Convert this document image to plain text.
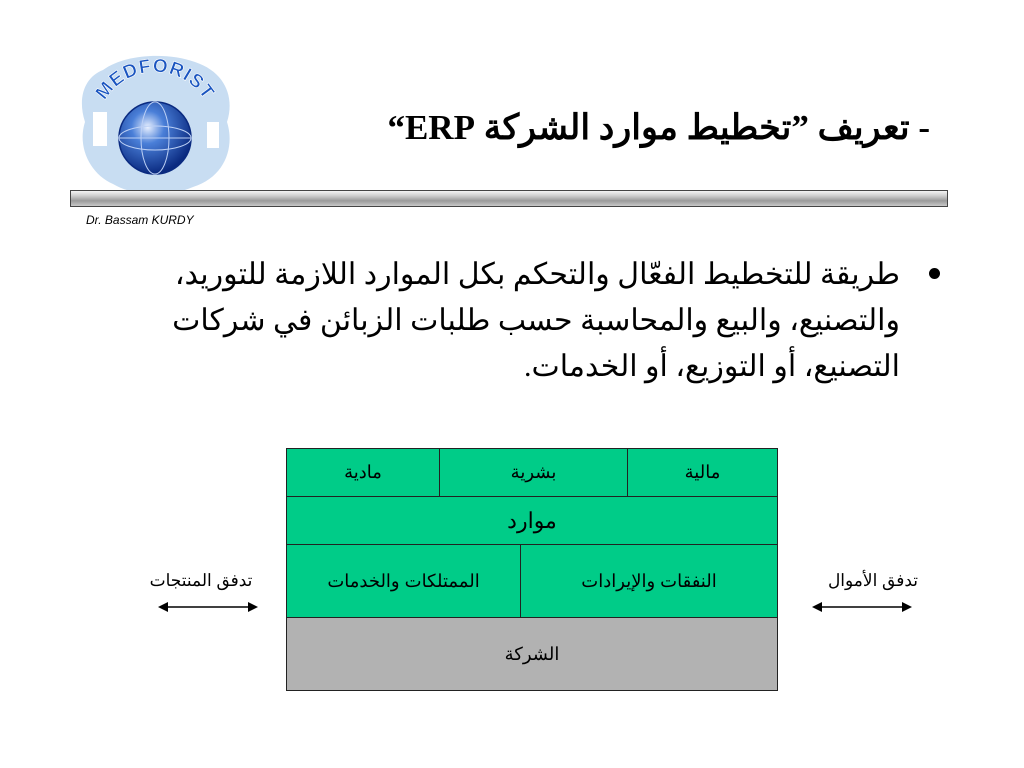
MEDFORIST
- تعريف ”تخطيط موارد الشركة ERP“
Dr. Bassam KURDY
طريقة للتخطيط الفعّال والتحكم بكل الموارد اللازمة للتوريد، والتصنيع، والبيع والمحاسبة حسب طلبات الزبائن في شركات التصنيع، أو التوزيع، أو الخدمات.
مالية
بشرية
مادية
موارد
النفقات والإيرادات
الممتلكات والخدمات
الشركة
تدفق الأموال
تدفق المنتجات
